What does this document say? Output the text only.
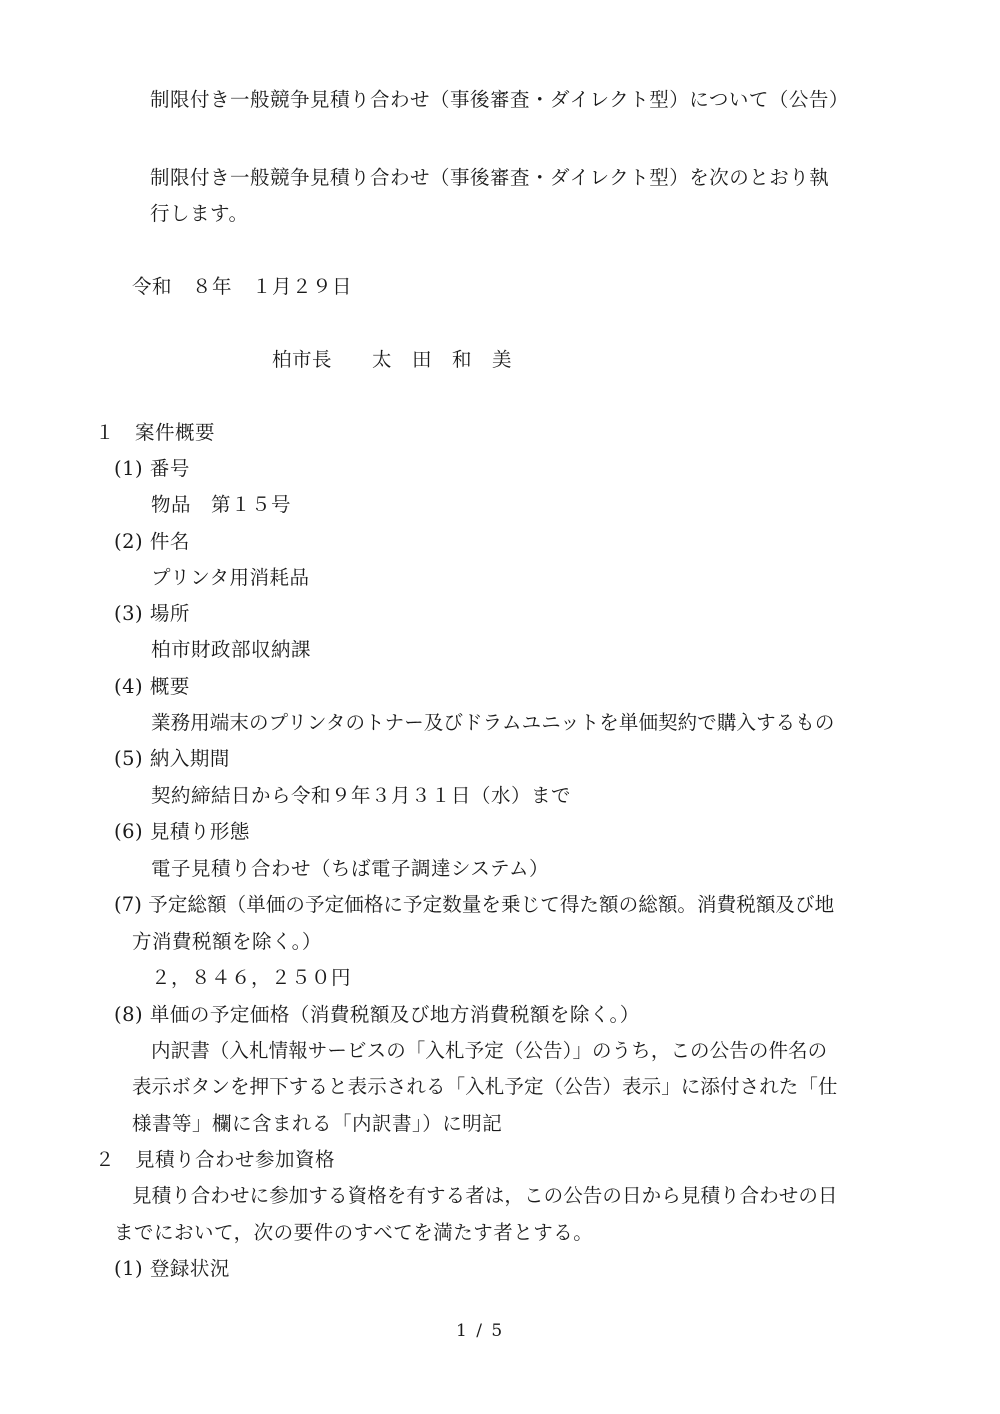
制限付き一般競争見積り合わせ（事後審査・ダイレクト型）について（公告）
制限付き一般競争見積り合わせ（事後審査・ダイレクト型）を次のとおり執
行します。
令和　８年　１月２９日
柏市長　　太　田　和　美
１ 案件概要
(1) 番号
物品　第１５号
(2) 件名
プリンタ用消耗品
(3) 場所
柏市財政部収納課
(4) 概要
業務用端末のプリンタのトナー及びドラムユニットを単価契約で購入するもの
(5) 納入期間
契約締結日から令和９年３月３１日（水）まで
(6) 見積り形態
電子見積り合わせ（ちば電子調達システム）
(7) 予定総額（単価の予定価格に予定数量を乗じて得た額の総額。消費税額及び地
方消費税額を除く。）
２，８４６，２５０円
(8) 単価の予定価格（消費税額及び地方消費税額を除く。）
内訳書（入札情報サービスの「入札予定（公告）」のうち，この公告の件名の
表示ボタンを押下すると表示される「入札予定（公告）表示」に添付された「仕
様書等」欄に含まれる「内訳書」）に明記
２ 見積り合わせ参加資格
見積り合わせに参加する資格を有する者は，この公告の日から見積り合わせの日
までにおいて，次の要件のすべてを満たす者とする。
(1) 登録状況
1 / 5
